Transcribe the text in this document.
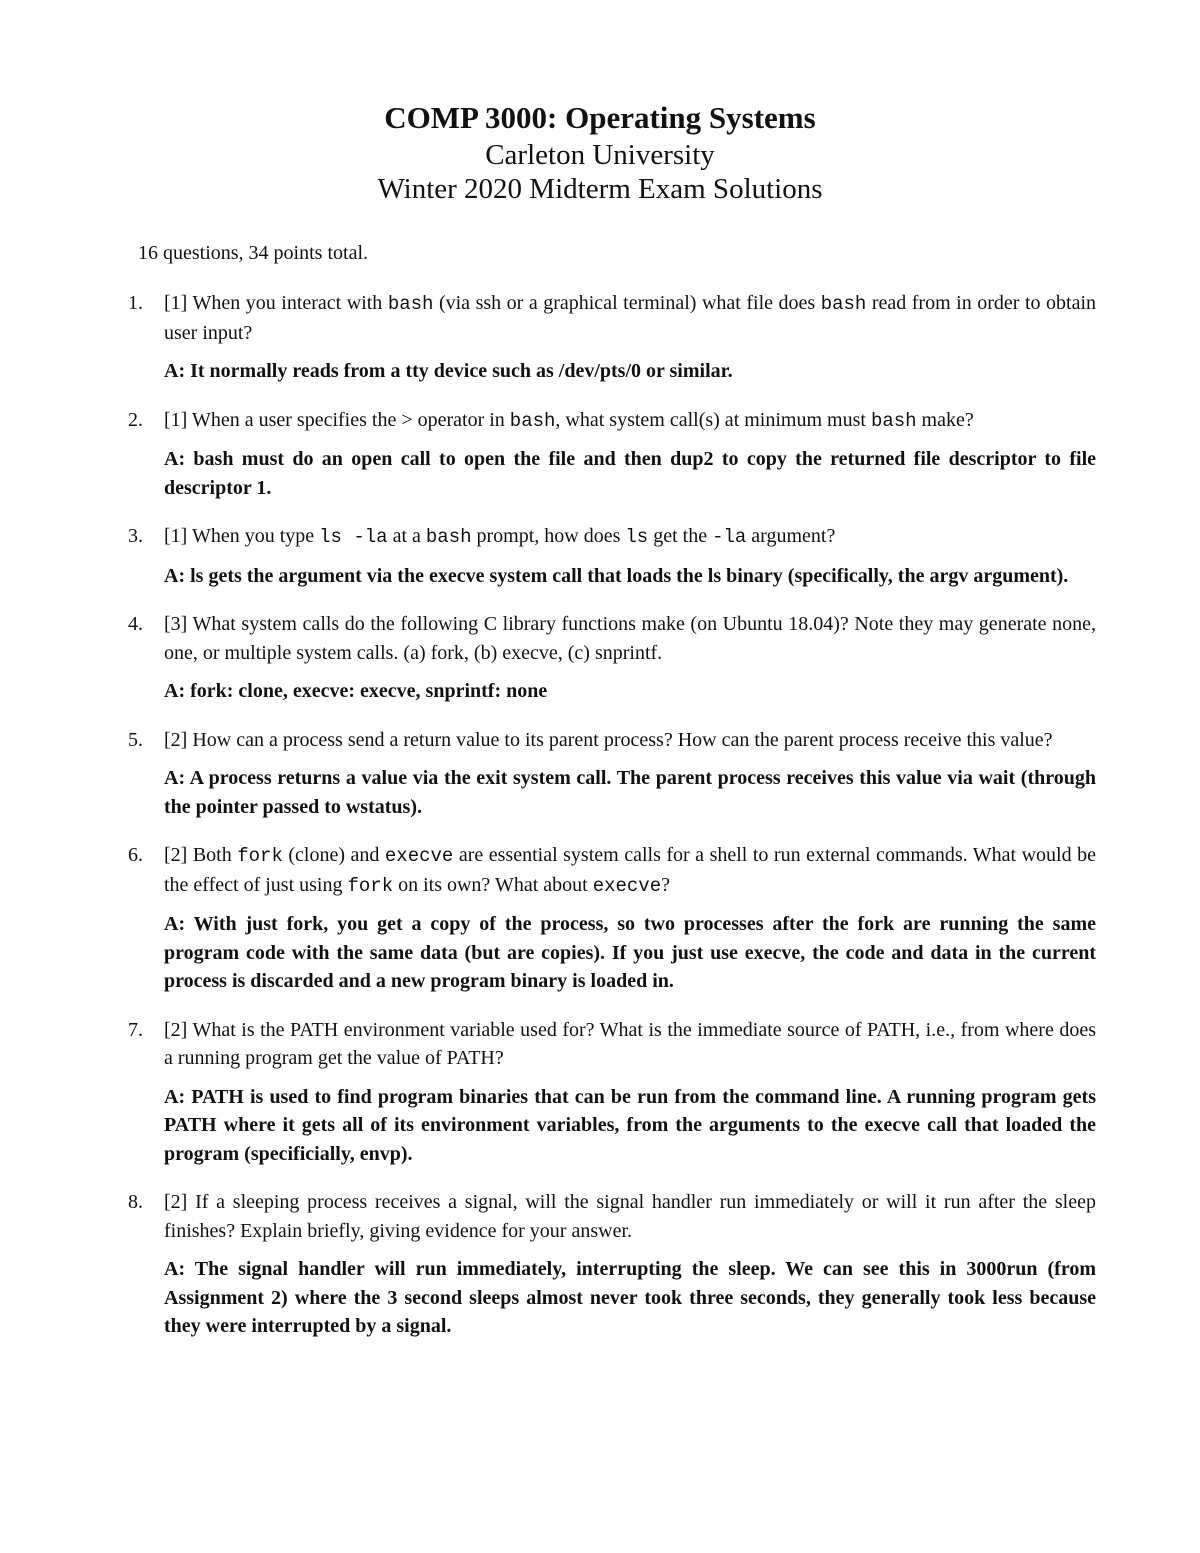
COMP 3000: Operating Systems

Carleton University

Winter 2020 Midterm Exam Solutions

16 questions, 34 points total.

1.	[1] When you interact with bash (via ssh or a graphical terminal) what file does bash read from in order to obtain user input?

A: It normally reads from a tty device such as /dev/pts/0 or similar.

2.	[1] When a user specifies the > operator in bash, what system call(s) at minimum must bash make?

A: bash must do an open call to open the file and then dup2 to copy the returned file descriptor to file descriptor 1.

3.	[1] When you type ls -la at a bash prompt, how does ls get the -la argument?

A: ls gets the argument via the execve system call that loads the ls binary (specifically, the argv argument).

4.	[3] What system calls do the following C library functions make (on Ubuntu 18.04)? Note they may generate none, one, or multiple system calls. (a) fork, (b) execve, (c) snprintf.

A: fork: clone, execve: execve, snprintf: none

5.	[2] How can a process send a return value to its parent process? How can the parent process receive this value?

A: A process returns a value via the exit system call. The parent process receives this value via wait (through the pointer passed to wstatus).

6.	[2] Both fork (clone) and execve are essential system calls for a shell to run external commands. What would be the effect of just using fork on its own? What about execve?

A: With just fork, you get a copy of the process, so two processes after the fork are running the same program code with the same data (but are copies). If you just use execve, the code and data in the current process is discarded and a new program binary is loaded in.

7.	[2] What is the PATH environment variable used for? What is the immediate source of PATH, i.e., from where does a running program get the value of PATH?

A: PATH is used to find program binaries that can be run from the command line. A running program gets PATH where it gets all of its environment variables, from the arguments to the execve call that loaded the program (specificially, envp).

8.	[2] If a sleeping process receives a signal, will the signal handler run immediately or will it run after the sleep finishes? Explain briefly, giving evidence for your answer.

A: The signal handler will run immediately, interrupting the sleep. We can see this in 3000run (from Assignment 2) where the 3 second sleeps almost never took three seconds, they generally took less because they were interrupted by a signal.
